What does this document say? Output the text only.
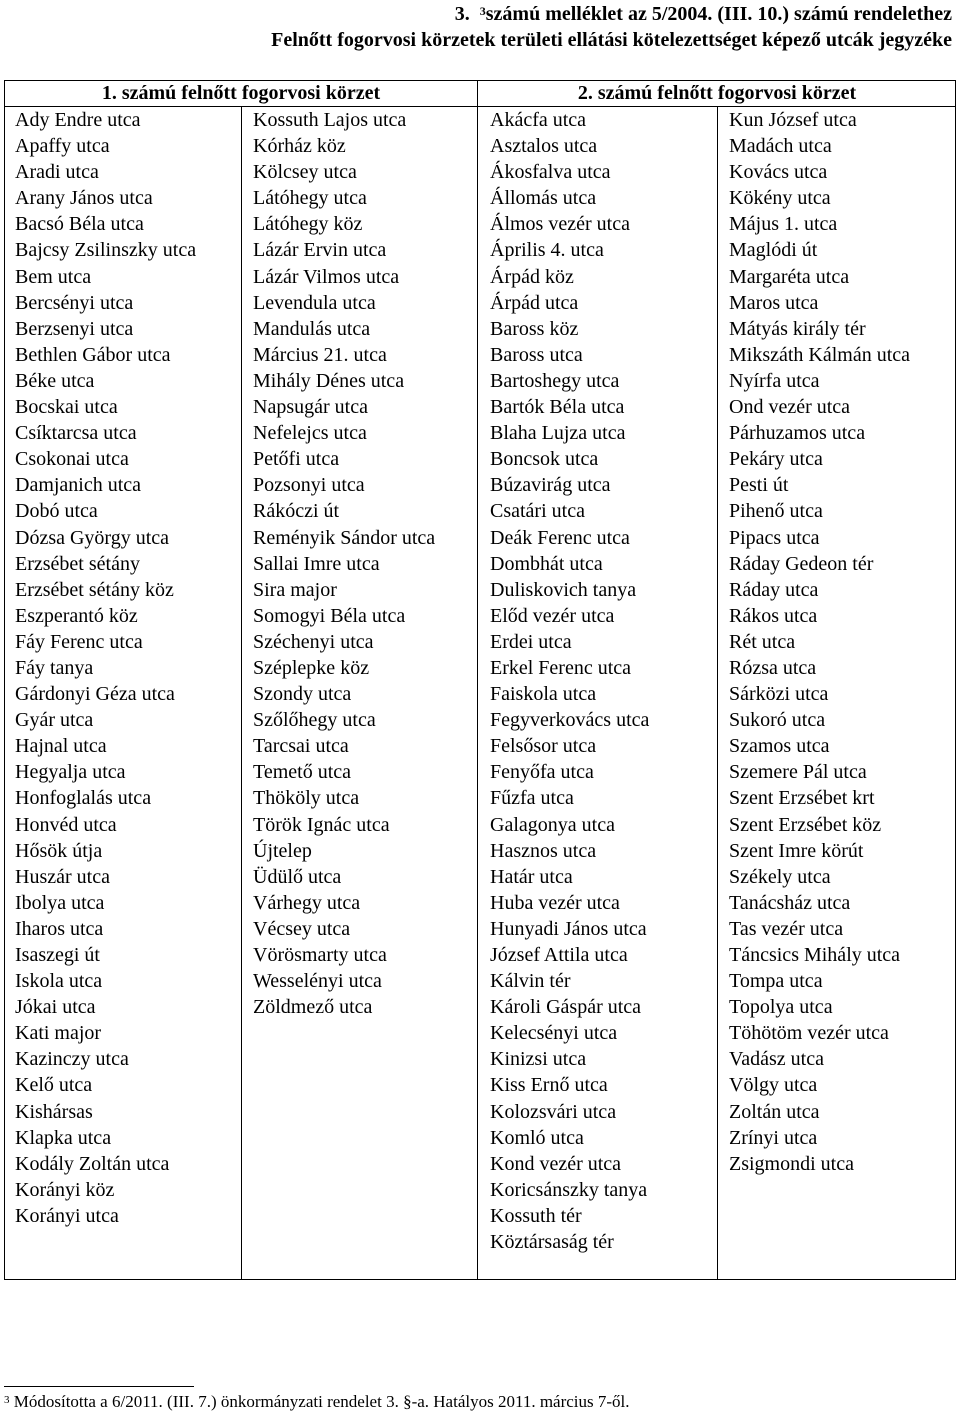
3. $^3$számú melléklet az 5/2004. (III. 10.) számú rendelethez
Felnőtt fogorvosi körzetek területi ellátási kötelezettséget képező utcák jegyzéke
1. számú felnőtt fogorvosi körzet	2. számú felnőtt fogorvosi körzet
Ady Endre utca
Apaffy utca
Aradi utca
Arany János utca
Bacsó Béla utca
Bajcsy Zsilinszky utca
Bem utca
Bercsényi utca
Berzsenyi utca
Bethlen Gábor utca
Béke utca
Bocskai utca
Csíktarcsa utca
Csokonai utca
Damjanich utca
Dobó utca
Dózsa György utca
Erzsébet sétány
Erzsébet sétány köz
Eszperantó köz
Fáy Ferenc utca
Fáy tanya
Gárdonyi Géza utca
Gyár utca
Hajnal utca
Hegyalja utca
Honfoglalás utca
Honvéd utca
Hősök útja
Huszár utca
Ibolya utca
Iharos utca
Isaszegi út
Iskola utca
Jókai utca
Kati major
Kazinczy utca
Kelő utca
Kishársas
Klapka utca
Kodály Zoltán utca
Korányi köz
Korányi utca
Kossuth Lajos utca
Kórház köz
Kölcsey utca
Látóhegy utca
Látóhegy köz
Lázár Ervin utca
Lázár Vilmos utca
Levendula utca
Mandulás utca
Március 21. utca
Mihály Dénes utca
Napsugár utca
Nefelejcs utca
Petőfi utca
Pozsonyi utca
Rákóczi út
Reményik Sándor utca
Sallai Imre utca
Sira major
Somogyi Béla utca
Széchenyi utca
Széplepke köz
Szondy utca
Szőlőhegy utca
Tarcsai utca
Temető utca
Thököly utca
Török Ignác utca
Újtelep
Üdülő utca
Várhegy utca
Vécsey utca
Vörösmarty utca
Wesselényi utca
Zöldmező utca
Akácfa utca
Asztalos utca
Ákosfalva utca
Állomás utca
Álmos vezér utca
Április 4. utca
Árpád köz
Árpád utca
Baross köz
Baross utca
Bartoshegy utca
Bartók Béla utca
Blaha Lujza utca
Boncsok utca
Búzavirág utca
Csatári utca
Deák Ferenc utca
Dombhát utca
Duliskovich tanya
Előd vezér utca
Erdei utca
Erkel Ferenc utca
Faiskola utca
Fegyverkovács utca
Felsősor utca
Fenyőfa utca
Fűzfa utca
Galagonya utca
Hasznos utca
Határ utca
Huba vezér utca
Hunyadi János utca
József Attila utca
Kálvin tér
Károli Gáspár utca
Kelecsényi utca
Kinizsi utca
Kiss Ernő utca
Kolozsvári utca
Komló utca
Kond vezér utca
Koricsánszky tanya
Kossuth tér
Köztársaság tér
Kun József utca
Madách utca
Kovács utca
Kökény utca
Május 1. utca
Maglódi út
Margaréta utca
Maros utca
Mátyás király tér
Mikszáth Kálmán utca
Nyírfa utca
Ond vezér utca
Párhuzamos utca
Pekáry utca
Pesti út
Pihenő utca
Pipacs utca
Ráday Gedeon tér
Ráday utca
Rákos utca
Rét utca
Rózsa utca
Sárközi utca
Sukoró utca
Szamos utca
Szemere Pál utca
Szent Erzsébet krt
Szent Erzsébet köz
Szent Imre körút
Székely utca
Tanácsház utca
Tas vezér utca
Táncsics Mihály utca
Tompa utca
Topolya utca
Töhötöm vezér utca
Vadász utca
Völgy utca
Zoltán utca
Zrínyi utca
Zsigmondi utca
$^3$ Módosította a 6/2011. (III. 7.) önkormányzati rendelet 3. §-a. Hatályos 2011. március 7-ől.
